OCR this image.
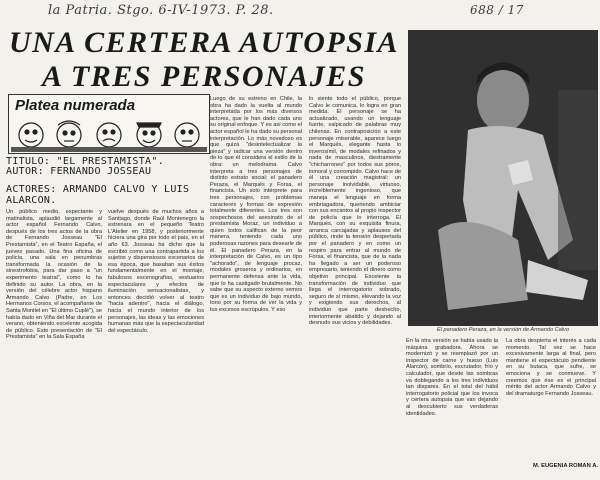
la Patria. Stgo. 6-IV-1973. P. 28.	688 / 17
UNA CERTERA AUTOPSIA
A TRES PERSONAJES
Platea numerada
TITULO: "EL PRESTAMISTA".
AUTOR: FERNANDO JOSSEAU
ACTORES: ARMANDO CALVO Y LUIS ALARCON.
Un público medio, expectante y matinalista, aplaudió largamente al actor español Fernando Calvo, después de los tres actos de la obra de Fernando Josseau "El Prestamista", en el Teatro España, el jueves pasado. Una fina oficina de policía, una sala en penumbras transformada la ocasión de la sinestrofobia, para dar paso a "un experimento teatral", como lo ha definido su autor. La obra, en la versión del célebre actor hispano Armando Calvo (Padre, en Los Hermanos Corsos, el acompañante de Santa Montiel en "El último Cuplé"), se había dado en Viña del Mar durante el verano, obteniendo excelente acogida de público. Este presentación de "El Prestamista" en la Sala España
vuelve después de muchos años a Santiago, donde Raúl Montenegro la estrenara en el pequeño Teatro L'Atelier en 1958, y posteriormente hiciera una gira por todo el país, en el año 63. Josseau ha dicho que la escribió como una contrapartida a los sujetos y dispensiosos escenarios de esa época, que basaban sus éxitos fundamentalmente en el montaje, fabulosos escenografías, vestuarios espectaculares y efectos de iluminación sensacionalistas, y entonces decidió volver al teatro "hacia adentro", hacia el diálogo, hacia el mundo interior de los personajes, las ideas y las emociones humanas más que la espectacularidad del espectáculo.
Luego de su estreno en Chile, la obra ha dado la vuelta al mundo interpretada por los más diversos actores, que le han dado cada uno su original enfoque. Y es así como el actor español le ha dado su personal interpretación. Lo más novedoso es que quizá "desintelectualizar la pieza" y radicar una versión dentro de lo que él considera el estilo de la obra: un melodrama. Calvo interpreta a tres personajes de distinto estrato social: el panadero Peraza, el Marqués y Forsa, el financista. Un solo intérprete para tres personajes, con problemas caracteres y formas de expresión totalmente diferentes. Los tres son sospechosos del asesinato de el prestamista Moraz, un individuo a quien todos califican de la peor manera, teniendo cada uno poderosas razones para desearle de él. El panadero Peraza, en la interpretación de Calvo, es un tipo "achorado", de lenguaje procaz, modales groseros y ordinarios, en permanente defensa ante la vida, que lo ha castigado brutalmente. No sabe que su aspecto externo vemos que es un individuo de bajo mundo, tono por su forma de ver la vida y tus excesos escrúpulos. Y eso
lo siente todo el público, porque Calvo le comunica, lo logra en gran medida. El personaje se ha actualizado, usando un lenguaje fuerte, salpicado de palabras muy chilenas. En contraposición a este personaje miserable, aparece luego el Marqués, elegante hasta lo inverosímil, de modales refinados y nada de masculinos, diestramente "chicharrones" por todos sus poros, inmoral y corrompido. Calvo hace de él una creación magistral: un personaje inolvidable, virtuoso, increíblemente ingenioso, que maneja el lenguaje en forma embriagadora, queriendo ambiciar con sus encantos al propio inspector de policía que lo interroga. El Marqués, con su exquisita finura, arranca carcajadas y aplausos del público, rinde la tensión despertada por el panadero y en como un respiro para entrar al mundo de Forsa, el financista, que de la nada ha llegado a ser un poderoso empresario, teniendo el dinero como objetivo principal. Excelente la transformación de individuo que llega el interrogatorio sobrado, seguro de sí mismo, elevando la voz y exigiendo sus derechos, al individuo que parte deshecho, interiormente abatido y dejando al desnudo sus vicios y debilidades.
El panadero Peraza, en la versión de Armando Calvo
En la otra versión se había usado la máquina grabadora. Ahora se modernizó y se reemplazó por un inspector de carne y hueso (Luis Alarcón), sombrío, escrutador, frío y calculador, que desde las sombras va doblegando a los tres individuos tan dispares. En el total del hábil interrogatorio policial que los invoca y certera autopsia que van dejando al descubierto sus verdaderas identidades.
La obra despierta el interés a cada momento. Tal vez se hace excesivamente larga al final, pero mantiene el espectáculo pendiente en su butaca, que sufre, se emociona y se conmueve. Y creemos que ése es el principal mérito del actor Armando Calvo y del dramaturgo Fernando Josseau.
M. EUGENIA ROMAN A.
